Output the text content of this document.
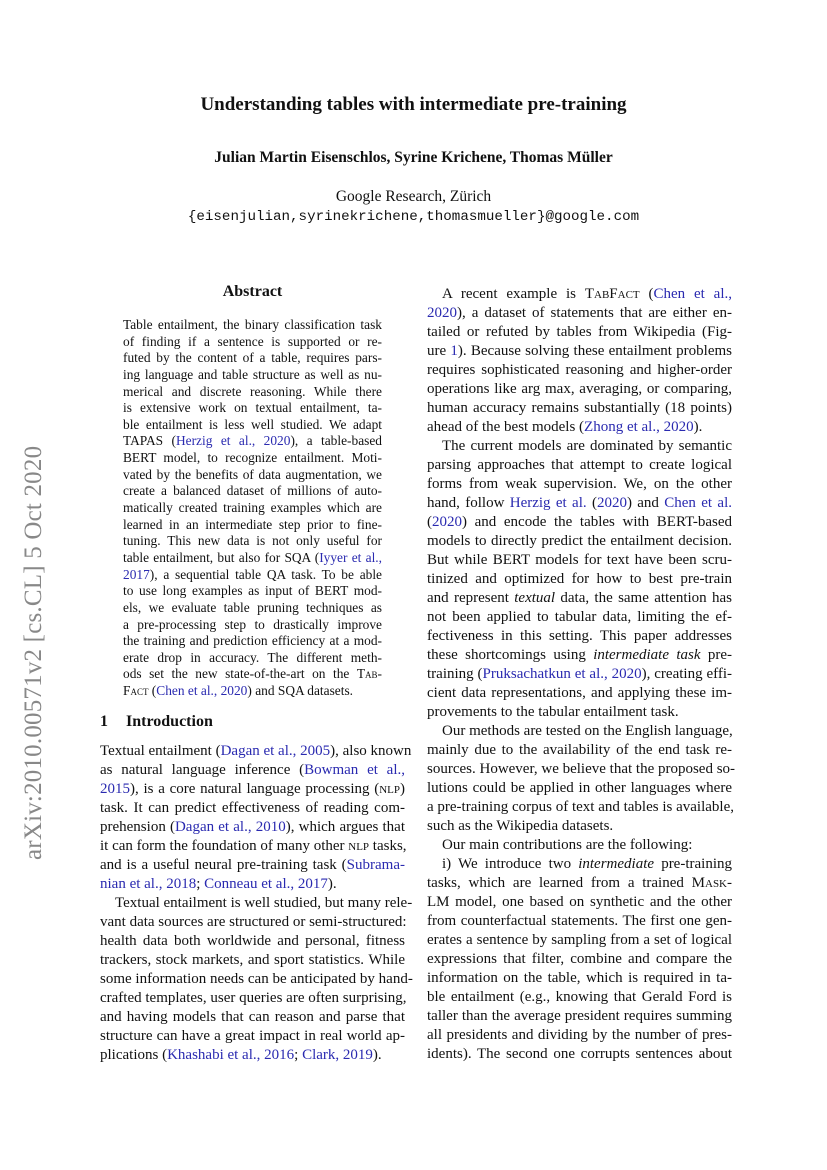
Understanding tables with intermediate pre-training
Julian Martin Eisenschlos, Syrine Krichene, Thomas Müller
Google Research, Zürich
{eisenjulian,syrinekrichene,thomasmueller}@google.com
arXiv:2010.00571v2 [cs.CL] 5 Oct 2020
Abstract
Table entailment, the binary classification task
of finding if a sentence is supported or re-
futed by the content of a table, requires pars-
ing language and table structure as well as nu-
merical and discrete reasoning. While there
is extensive work on textual entailment, ta-
ble entailment is less well studied. We adapt
TAPAS (Herzig et al., 2020), a table-based
BERT model, to recognize entailment. Moti-
vated by the benefits of data augmentation, we
create a balanced dataset of millions of auto-
matically created training examples which are
learned in an intermediate step prior to fine-
tuning. This new data is not only useful for
table entailment, but also for SQA (Iyyer et al.,
2017), a sequential table QA task. To be able
to use long examples as input of BERT mod-
els, we evaluate table pruning techniques as
a pre-processing step to drastically improve
the training and prediction efficiency at a mod-
erate drop in accuracy. The different meth-
ods set the new state-of-the-art on the Tab-
Fact (Chen et al., 2020) and SQA datasets.
1 Introduction
Textual entailment (Dagan et al., 2005), also known
as natural language inference (Bowman et al.,
2015), is a core natural language processing (nlp)
task. It can predict effectiveness of reading com-
prehension (Dagan et al., 2010), which argues that
it can form the foundation of many other nlp tasks,
and is a useful neural pre-training task (Subrama-
nian et al., 2018; Conneau et al., 2017).
Textual entailment is well studied, but many rele-
vant data sources are structured or semi-structured:
health data both worldwide and personal, fitness
trackers, stock markets, and sport statistics. While
some information needs can be anticipated by hand-
crafted templates, user queries are often surprising,
and having models that can reason and parse that
structure can have a great impact in real world ap-
plications (Khashabi et al., 2016; Clark, 2019).
A recent example is TabFact (Chen et al.,
2020), a dataset of statements that are either en-
tailed or refuted by tables from Wikipedia (Fig-
ure 1). Because solving these entailment problems
requires sophisticated reasoning and higher-order
operations like arg max, averaging, or comparing,
human accuracy remains substantially (18 points)
ahead of the best models (Zhong et al., 2020).
The current models are dominated by semantic
parsing approaches that attempt to create logical
forms from weak supervision. We, on the other
hand, follow Herzig et al. (2020) and Chen et al.
(2020) and encode the tables with BERT-based
models to directly predict the entailment decision.
But while BERT models for text have been scru-
tinized and optimized for how to best pre-train
and represent textual data, the same attention has
not been applied to tabular data, limiting the ef-
fectiveness in this setting. This paper addresses
these shortcomings using intermediate task pre-
training (Pruksachatkun et al., 2020), creating effi-
cient data representations, and applying these im-
provements to the tabular entailment task.
Our methods are tested on the English language,
mainly due to the availability of the end task re-
sources. However, we believe that the proposed so-
lutions could be applied in other languages where
a pre-training corpus of text and tables is available,
such as the Wikipedia datasets.
Our main contributions are the following:
i) We introduce two intermediate pre-training
tasks, which are learned from a trained Mask-
LM model, one based on synthetic and the other
from counterfactual statements. The first one gen-
erates a sentence by sampling from a set of logical
expressions that filter, combine and compare the
information on the table, which is required in ta-
ble entailment (e.g., knowing that Gerald Ford is
taller than the average president requires summing
all presidents and dividing by the number of pres-
idents). The second one corrupts sentences about
